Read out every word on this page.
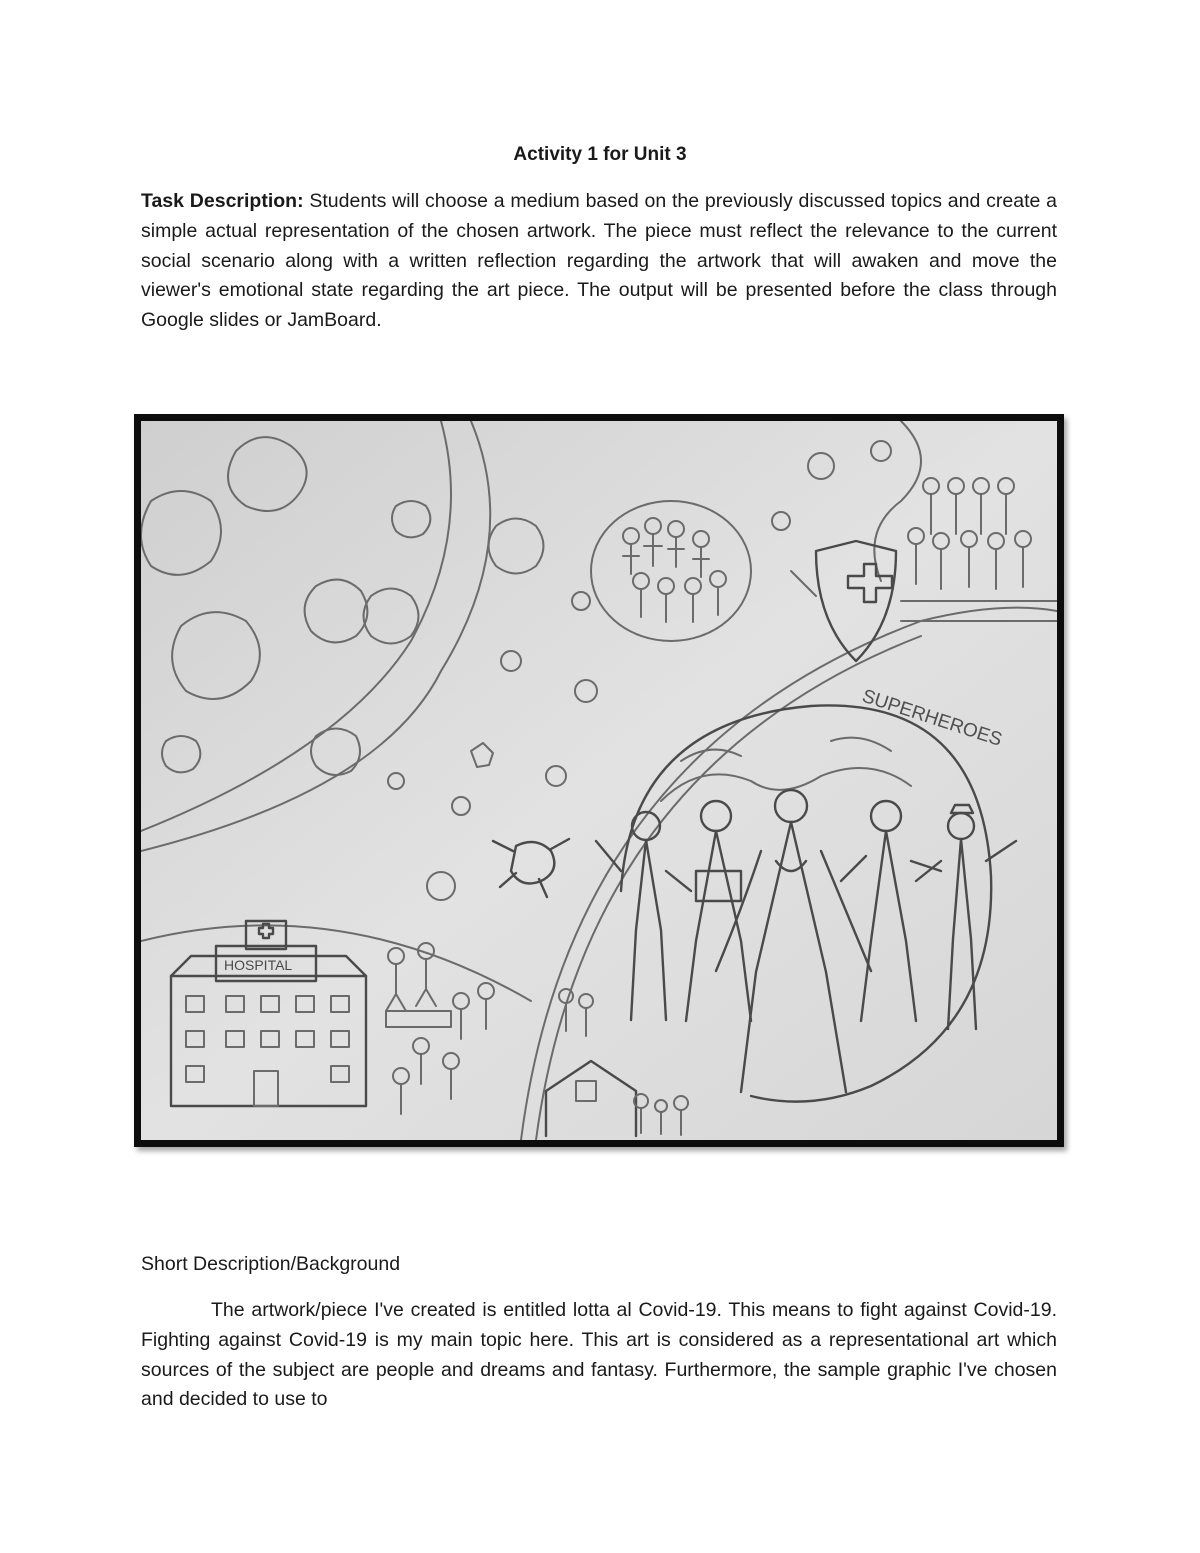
Activity 1 for Unit 3
Task Description: Students will choose a medium based on the previously discussed topics and create a simple actual representation of the chosen artwork. The piece must reflect the relevance to the current social scenario along with a written reflection regarding the artwork that will awaken and move the viewer's emotional state regarding the art piece. The output will be presented before the class through Google slides or JamBoard.
SUPERHEROES
HOSPITAL
Short Description/Background
The artwork/piece I've created is entitled lotta al Covid-19. This means to fight against Covid-19. Fighting against Covid-19 is my main topic here. This art is considered as a representational art which sources of the subject are people and dreams and fantasy. Furthermore, the sample graphic I've chosen and decided to use to
